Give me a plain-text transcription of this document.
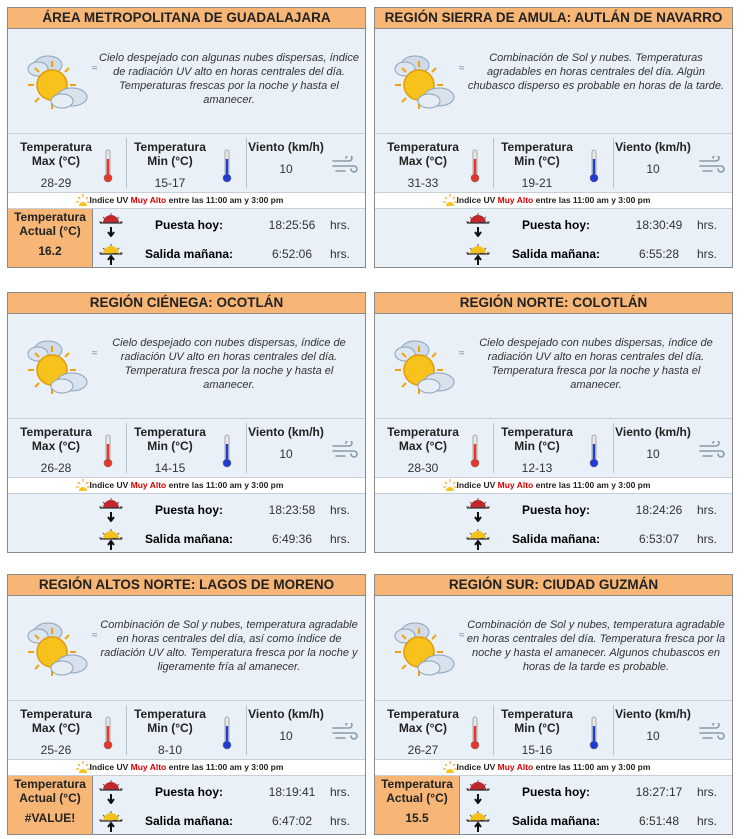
ÁREA METROPOLITANA DE GUADALAJARA
≈
Cielo despejado con algunas nubes dispersas, índice de radiación UV alto en horas centrales del día. Temperaturas frescas por la noche y hasta el amanecer.
Temperatura Max (°C)
28-29
Temperatura Min (°C)
15-17
Viento (km/h)
10
Indice UV Muy Alto entre las 11:00 am y 3:00 pm
Temperatura Actual (°C)
16.2
Puesta hoy:	18:25:56	hrs.
Salida mañana:	6:52:06	hrs.
REGIÓN SIERRA DE AMULA: AUTLÁN DE NAVARRO
≈
Combinación de Sol y nubes. Temperaturas agradables en horas centrales del día. Algún chubasco disperso es probable en horas de la tarde.
Temperatura Max (°C)
31-33
Temperatura Min (°C)
19-21
Viento (km/h)
10
Indice UV Muy Alto entre las 11:00 am y 3:00 pm
Puesta hoy:	18:30:49	hrs.
Salida mañana:	6:55:28	hrs.
REGIÓN CIÉNEGA: OCOTLÁN
≈
Cielo despejado con nubes dispersas, índice de radiación UV alto en horas centrales del día. Temperatura fresca por la noche y hasta el amanecer.
Temperatura Max (°C)
26-28
Temperatura Min (°C)
14-15
Viento (km/h)
10
Indice UV Muy Alto entre las 11:00 am y 3:00 pm
Puesta hoy:	18:23:58	hrs.
Salida mañana:	6:49:36	hrs.
REGIÓN NORTE: COLOTLÁN
≈
Cielo despejado con nubes dispersas, índice de radiación UV alto en horas centrales del día. Temperatura fresca por la noche y hasta el amanecer.
Temperatura Max (°C)
28-30
Temperatura Min (°C)
12-13
Viento (km/h)
10
Indice UV Muy Alto entre las 11:00 am y 3:00 pm
Puesta hoy:	18:24:26	hrs.
Salida mañana:	6:53:07	hrs.
REGIÓN ALTOS NORTE: LAGOS DE MORENO
≈
Combinación de Sol y nubes, temperatura agradable en horas centrales del día, así como índice de radiación UV alto. Temperatura fresca por la noche y ligeramente fría al amanecer.
Temperatura Max (°C)
25-26
Temperatura Min (°C)
8-10
Viento (km/h)
10
Indice UV Muy Alto entre las 11:00 am y 3:00 pm
Temperatura Actual (°C)
#VALUE!
Puesta hoy:	18:19:41	hrs.
Salida mañana:	6:47:02	hrs.
REGIÓN SUR: CIUDAD GUZMÁN
≈
Combinación de Sol y nubes, temperatura agradable en horas centrales del día. Temperatura fresca por la noche y hasta el amanecer. Algunos chubascos en horas de la tarde es probable.
Temperatura Max (°C)
26-27
Temperatura Min (°C)
15-16
Viento (km/h)
10
Indice UV Muy Alto entre las 11:00 am y 3:00 pm
Temperatura Actual (°C)
15.5
Puesta hoy:	18:27:17	hrs.
Salida mañana:	6:51:48	hrs.
